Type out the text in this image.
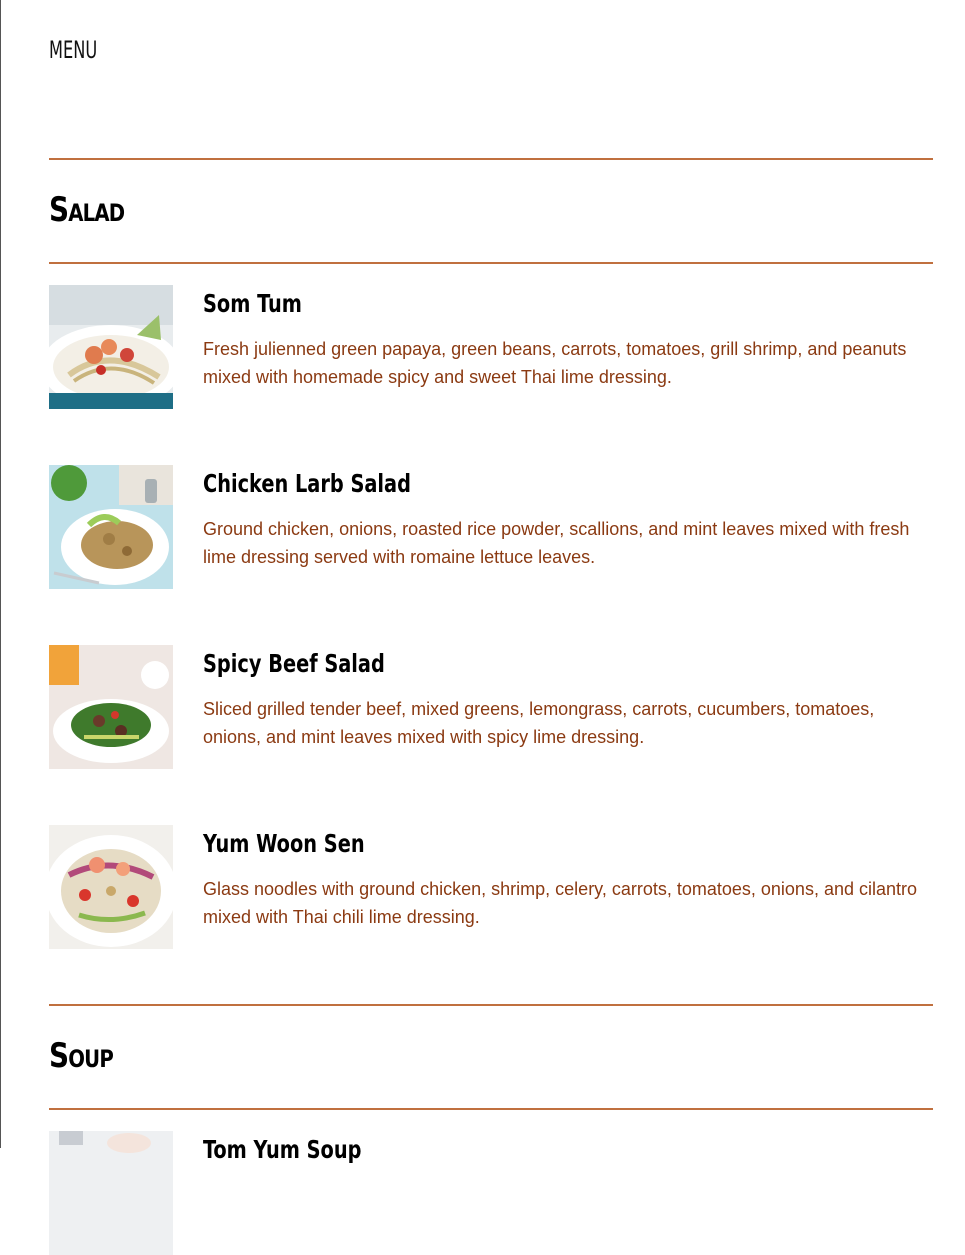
MENU
Salad
Som Tum

Fresh julienned green papaya, green beans, carrots, tomatoes, grill shrimp, and peanuts mixed with homemade spicy and sweet Thai lime dressing.

Chicken Larb Salad

Ground chicken, onions, roasted rice powder, scallions, and mint leaves mixed with fresh lime dressing served with romaine lettuce leaves.

Spicy Beef Salad

Sliced grilled tender beef, mixed greens, lemongrass, carrots, cucumbers, tomatoes, onions, and mint leaves mixed with spicy lime dressing.

Yum Woon Sen

Glass noodles with ground chicken, shrimp, celery, carrots, tomatoes, onions, and cilantro mixed with Thai chili lime dressing.

Soup
Tom Yum Soup
